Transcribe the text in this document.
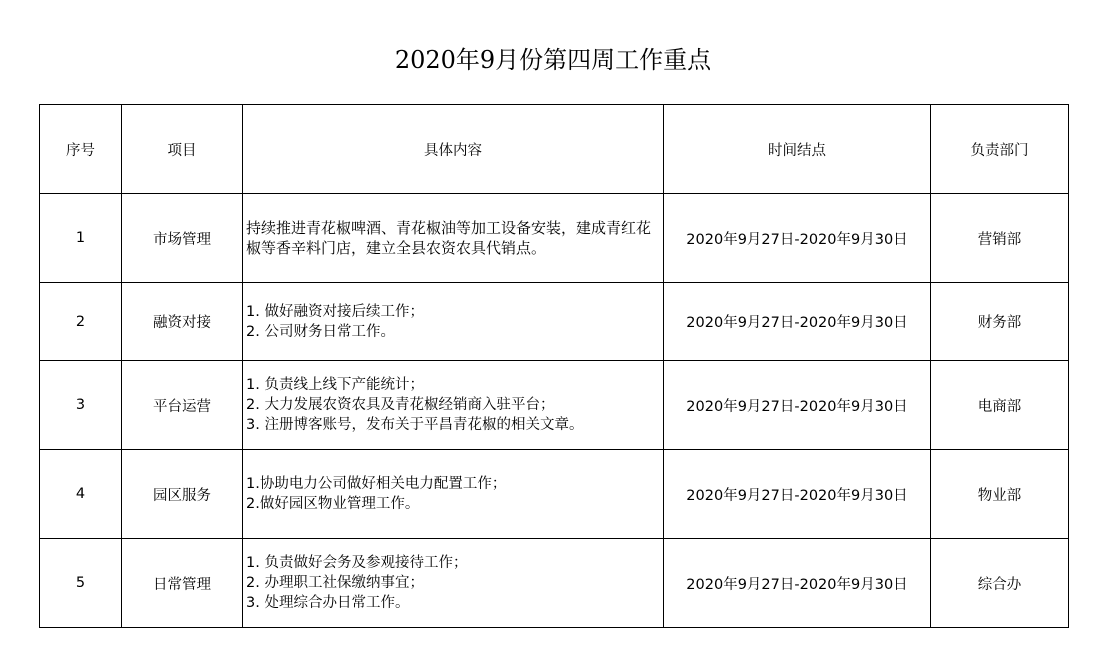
2020年9月份第四周工作重点
序号	项目	具体内容	时间结点	负责部门
1	市场管理	持续推进青花椒啤酒、青花椒油等加工设备安装，建成青红花椒等香辛料门店，建立全县农资农具代销点。	2020年9月27日-2020年9月30日	营销部
2	融资对接	1. 做好融资对接后续工作；
2. 公司财务日常工作。	2020年9月27日-2020年9月30日	财务部
3	平台运营	1. 负责线上线下产能统计；
2. 大力发展农资农具及青花椒经销商入驻平台；
3. 注册博客账号，发布关于平昌青花椒的相关文章。	2020年9月27日-2020年9月30日	电商部
4	园区服务	1.协助电力公司做好相关电力配置工作；
2.做好园区物业管理工作。	2020年9月27日-2020年9月30日	物业部
5	日常管理	1. 负责做好会务及参观接待工作；
2. 办理职工社保缴纳事宜；
3. 处理综合办日常工作。	2020年9月27日-2020年9月30日	综合办
